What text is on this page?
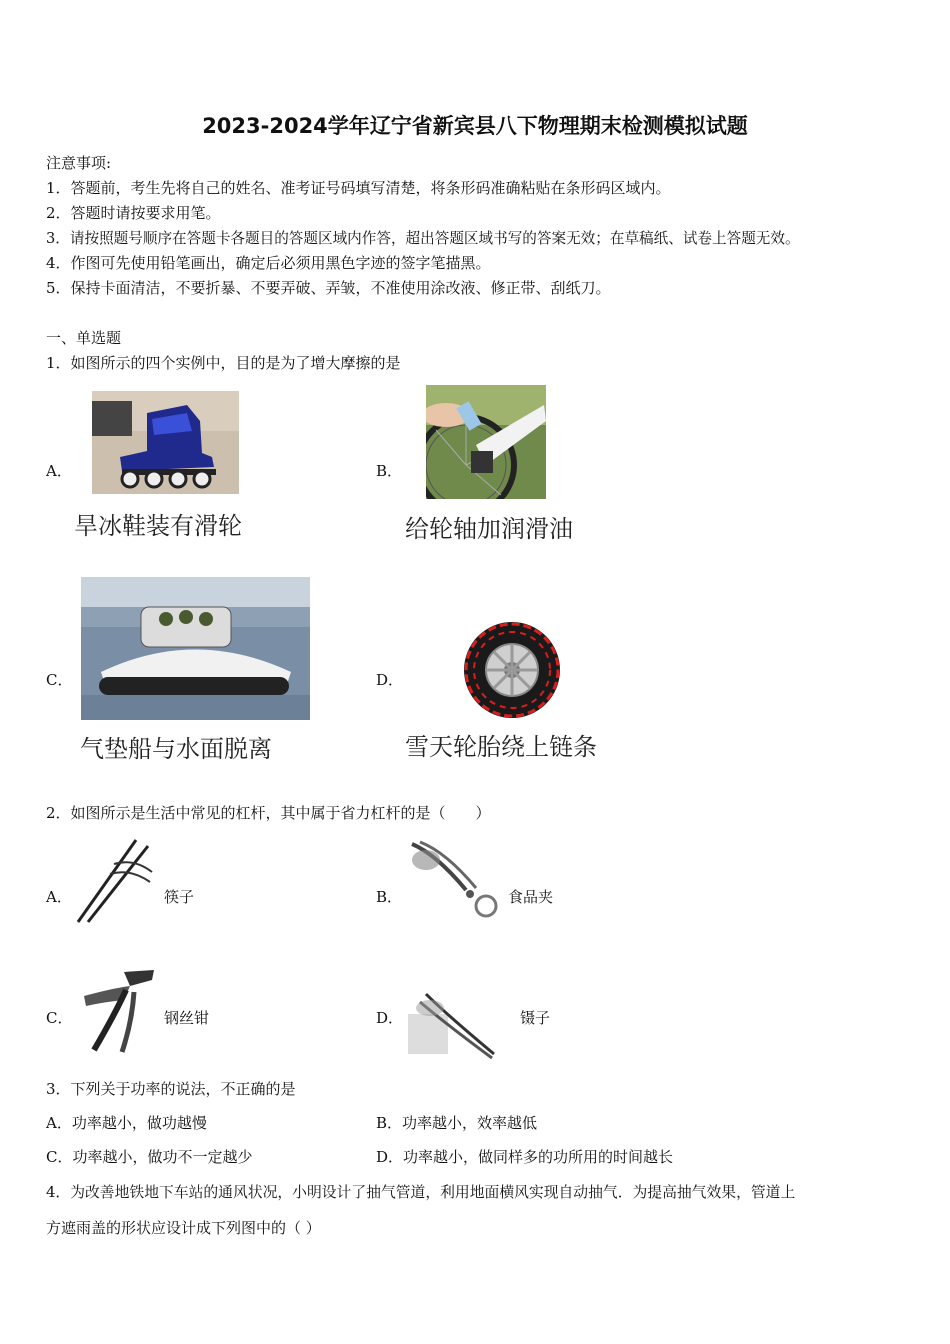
2023-2024学年辽宁省新宾县八下物理期末检测模拟试题
注意事项:
1．答题前，考生先将自己的姓名、准考证号码填写清楚，将条形码准确粘贴在条形码区域内。
2．答题时请按要求用笔。
3．请按照题号顺序在答题卡各题目的答题区域内作答，超出答题区域书写的答案无效；在草稿纸、试卷上答题无效。
4．作图可先使用铅笔画出，确定后必须用黑色字迹的签字笔描黑。
5．保持卡面清洁，不要折暴、不要弄破、弄皱，不准使用涂改液、修正带、刮纸刀。
一、单选题
1．如图所示的四个实例中，目的是为了增大摩擦的是
A．
旱冰鞋装有滑轮
B．
给轮轴加润滑油
C．
气垫船与水面脱离
D．
雪天轮胎绕上链条
2．如图所示是生活中常见的杠杆，其中属于省力杠杆的是（　　）
A．	筷子	B．	食品夹
C．	钢丝钳	D．	镊子
3．下列关于功率的说法，不正确的是
A．功率越小，做功越慢	B．功率越小，效率越低
C．功率越小，做功不一定越少	D．功率越小，做同样多的功所用的时间越长
4．为改善地铁地下车站的通风状况，小明设计了抽气管道，利用地面横风实现自动抽气．为提高抽气效果，管道上
方遮雨盖的形状应设计成下列图中的（ ）
